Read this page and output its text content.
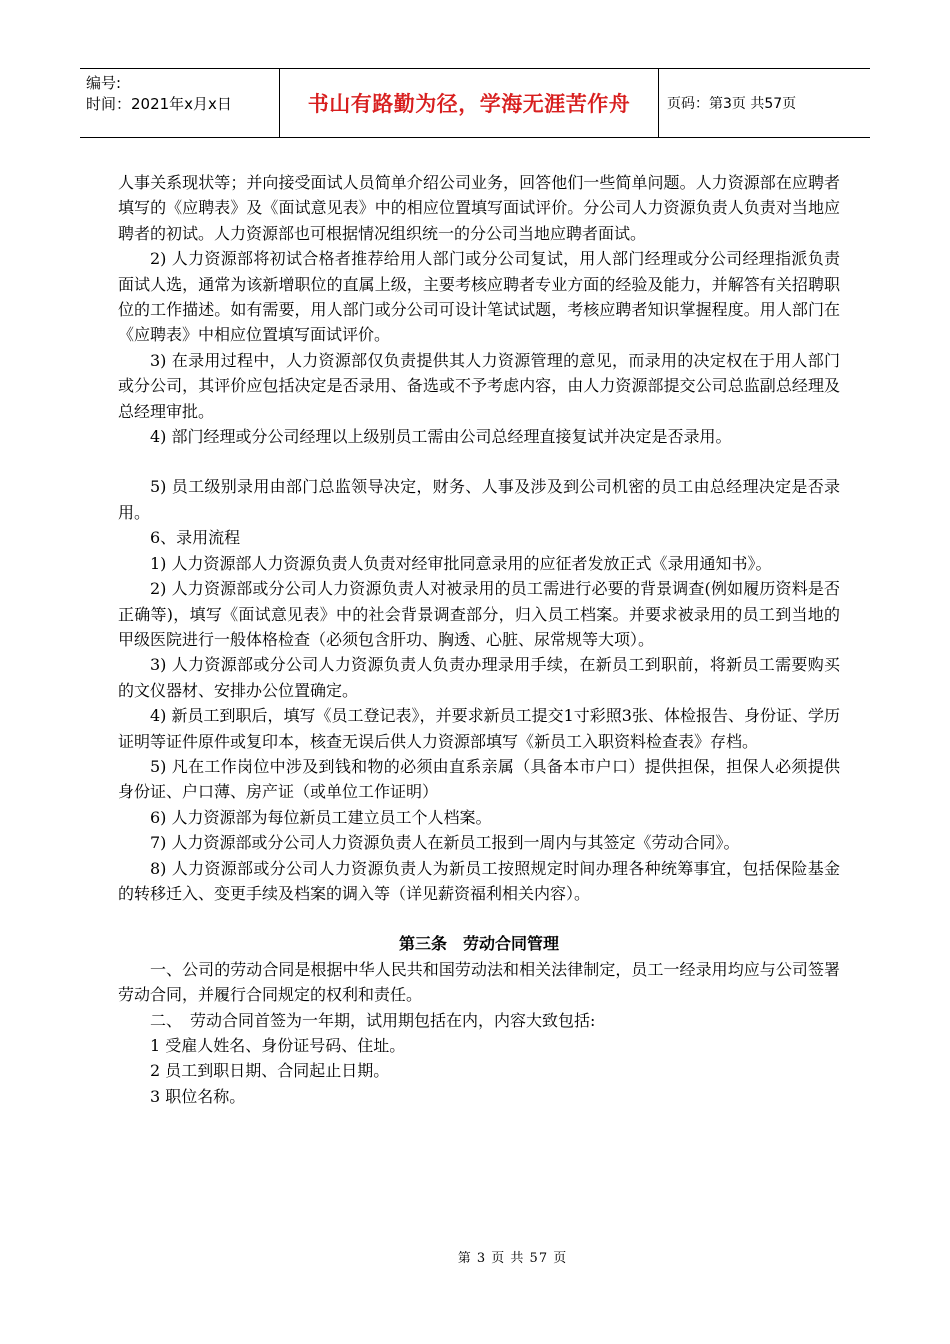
编号:
时间：2021年x月x日	书山有路勤为径，学海无涯苦作舟	页码：第3页 共57页

人事关系现状等；并向接受面试人员简单介绍公司业务，回答他们一些简单问题。人力资源部在应聘者填写的《应聘表》及《面试意见表》中的相应位置填写面试评价。分公司人力资源负责人负责对当地应聘者的初试。人力资源部也可根据情况组织统一的分公司当地应聘者面试。

2) 人力资源部将初试合格者推荐给用人部门或分公司复试，用人部门经理或分公司经理指派负责面试人选，通常为该新增职位的直属上级，主要考核应聘者专业方面的经验及能力，并解答有关招聘职位的工作描述。如有需要，用人部门或分公司可设计笔试试题，考核应聘者知识掌握程度。用人部门在《应聘表》中相应位置填写面试评价。

3) 在录用过程中，人力资源部仅负责提供其人力资源管理的意见，而录用的决定权在于用人部门或分公司，其评价应包括决定是否录用、备选或不予考虑内容，由人力资源部提交公司总监副总经理及总经理审批。

4) 部门经理或分公司经理以上级别员工需由公司总经理直接复试并决定是否录用。

5) 员工级别录用由部门总监领导决定，财务、人事及涉及到公司机密的员工由总经理决定是否录用。

6、录用流程

1) 人力资源部人力资源负责人负责对经审批同意录用的应征者发放正式《录用通知书》。

2) 人力资源部或分公司人力资源负责人对被录用的员工需进行必要的背景调查(例如履历资料是否正确等)，填写《面试意见表》中的社会背景调查部分，归入员工档案。并要求被录用的员工到当地的甲级医院进行一般体格检查（必须包含肝功、胸透、心脏、尿常规等大项）。

3) 人力资源部或分公司人力资源负责人负责办理录用手续，在新员工到职前，将新员工需要购买的文仪器材、安排办公位置确定。

4) 新员工到职后，填写《员工登记表》，并要求新员工提交1寸彩照3张、体检报告、身份证、学历证明等证件原件或复印本，核查无误后供人力资源部填写《新员工入职资料检查表》存档。

5) 凡在工作岗位中涉及到钱和物的必须由直系亲属（具备本市户口）提供担保，担保人必须提供身份证、户口薄、房产证（或单位工作证明）

6) 人力资源部为每位新员工建立员工个人档案。

7) 人力资源部或分公司人力资源负责人在新员工报到一周内与其签定《劳动合同》。

8) 人力资源部或分公司人力资源负责人为新员工按照规定时间办理各种统筹事宜，包括保险基金的转移迁入、变更手续及档案的调入等（详见薪资福利相关内容）。

第三条　劳动合同管理

一、公司的劳动合同是根据中华人民共和国劳动法和相关法律制定，员工一经录用均应与公司签署劳动合同，并履行合同规定的权利和责任。

二、　劳动合同首签为一年期，试用期包括在内，内容大致包括:

1 受雇人姓名、身份证号码、住址。

2 员工到职日期、合同起止日期。

3 职位名称。

第 3 页 共 57 页
